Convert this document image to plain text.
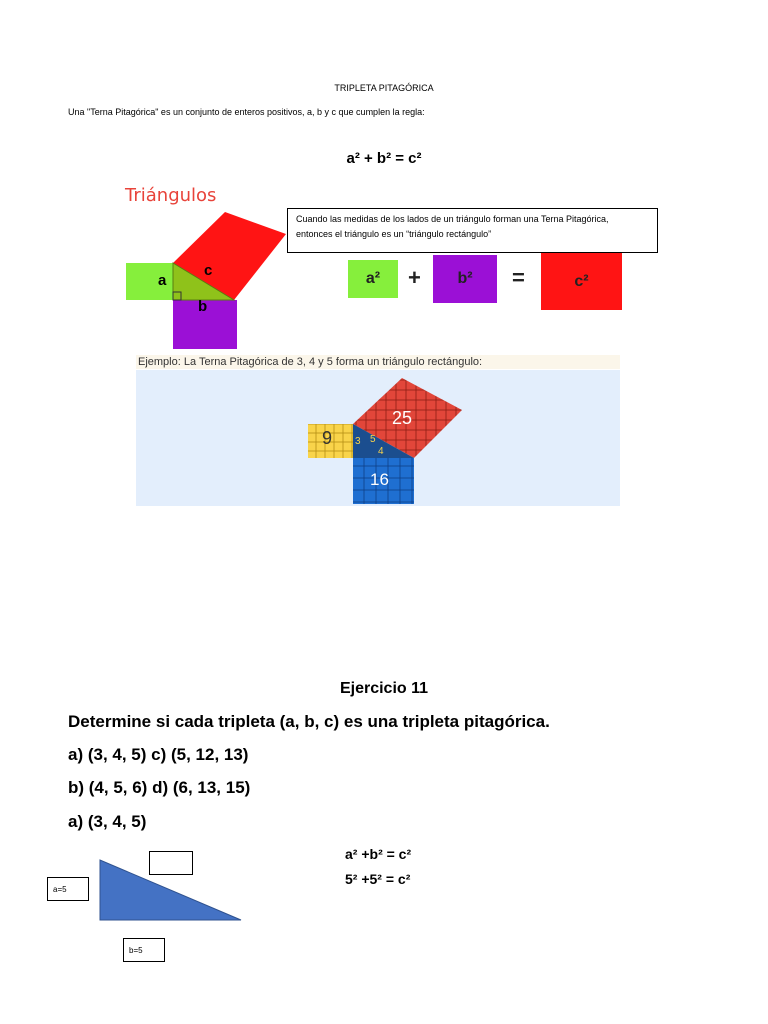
TRIPLETA PITAGÓRICA
Una "Terna Pitagórica" es un conjunto de enteros positivos, a, b y c que cumplen la regla:
a² + b² = c²
Triángulos
a
c
b
Cuando las medidas de los lados de un triángulo forman una Terna Pitagórica,
entonces el triángulo es un “triángulo rectángulo”
a²	+	b²	=	c²
Ejemplo: La Terna Pitagórica de 3, 4 y 5 forma un triángulo rectángulo:
9
25
16
3 5
4
Ejercicio 11
Determine si cada tripleta (a, b, c) es una tripleta pitagórica.
a) (3, 4, 5) c) (5, 12, 13)
b) (4, 5, 6) d) (6, 13, 15)
a) (3, 4, 5)
a² +b² = c²
5² +5² = c²
a=5
b=5
